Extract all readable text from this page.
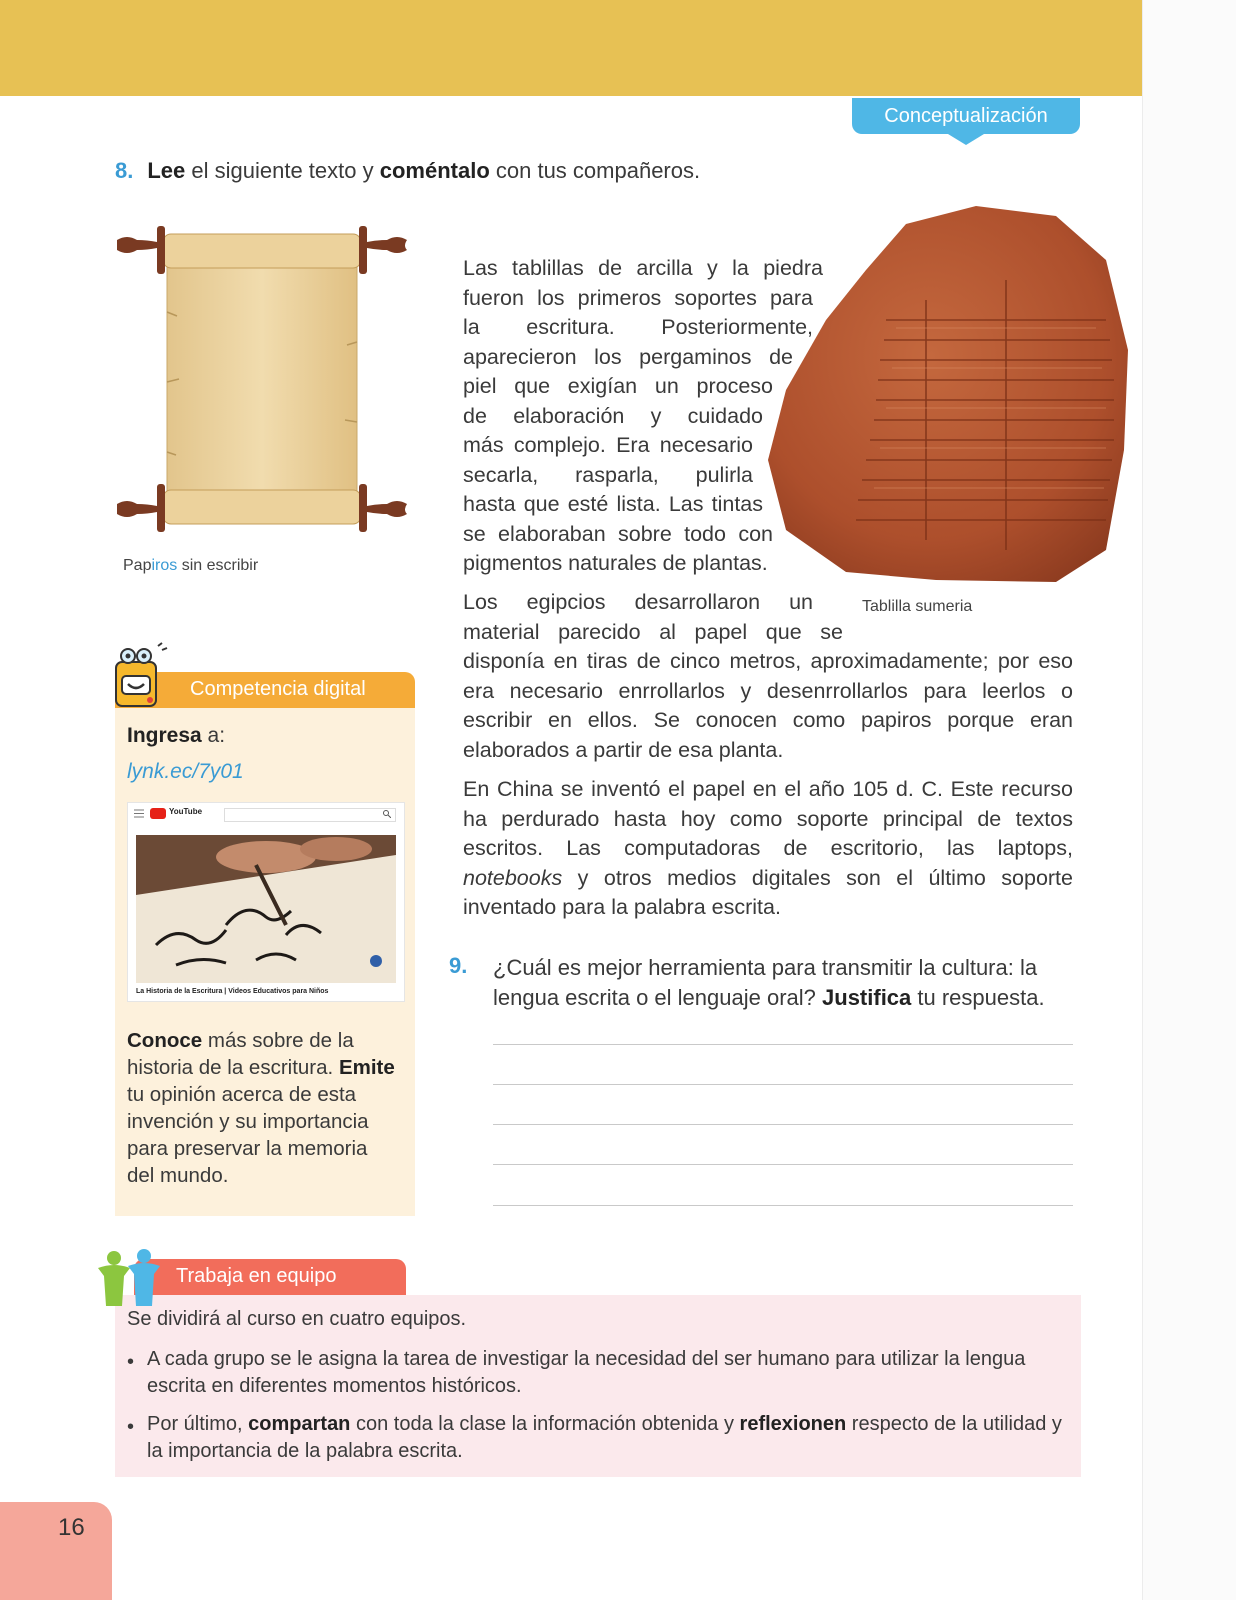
Conceptualización
8. Lee el siguiente texto y coméntalo con tus compañeros.
Papiros sin escribir
Tablilla sumeria
Las tablillas de arcilla y la piedra
fueron los primeros soportes para
la escritura. Posteriormente,
aparecieron los pergaminos de
piel que exigían un proceso
de elaboración y cuidado
más complejo. Era necesario
secarla, rasparla, pulirla
hasta que esté lista. Las tintas
se elaboraban sobre todo con
pigmentos naturales de plantas.
Los egipcios desarrollaron un
material parecido al papel que se

disponía en tiras de cinco metros, aproximadamente; por eso era necesario enrrollarlos y desenrrollarlos para leerlos o escribir en ellos. Se conocen como papiros porque eran elaborados a partir de esa planta.

En China se inventó el papel en el año 105 d. C. Este recurso ha perdurado hasta hoy como soporte principal de textos escritos. Las computadoras de escritorio, las laptops, notebooks y otros medios digitales son el último soporte inventado para la palabra escrita.

Competencia digital
Ingresa a:
lynk.ec/7y01
YouTube
La Historia de la Escritura | Videos Educativos para Niños

Conoce más sobre de la historia de la escritura. Emite tu opinión acerca de esta invención y su importancia para preservar la memoria del mundo.

9. ¿Cuál es mejor herramienta para transmitir la cultura: la lengua escrita o el lenguaje oral? Justifica tu respuesta.

Trabaja en equipo
Se dividirá al curso en cuatro equipos.
• A cada grupo se le asigna la tarea de investigar la necesidad del ser humano para utilizar la lengua escrita en diferentes momentos históricos.

• Por último, compartan con toda la clase la información obtenida y reflexionen respecto de la utilidad y la importancia de la palabra escrita.

16
